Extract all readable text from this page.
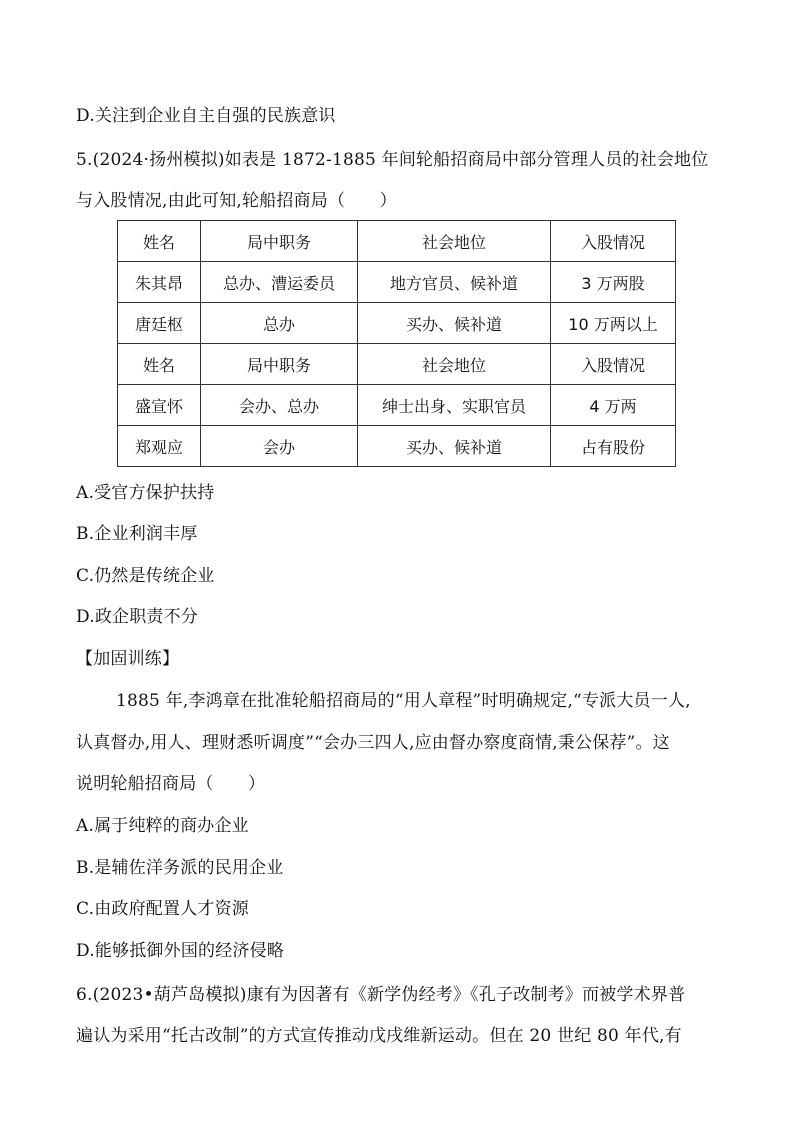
D.关注到企业自主自强的民族意识
5.(2024·扬州模拟)如表是 1872-1885 年间轮船招商局中部分管理人员的社会地位
与入股情况,由此可知,轮船招商局（　　）
姓名	局中职务	社会地位	入股情况
朱其昂	总办、漕运委员	地方官员、候补道	3 万两股
唐廷枢	总办	买办、候补道	10 万两以上
姓名	局中职务	社会地位	入股情况
盛宣怀	会办、总办	绅士出身、实职官员	4 万两
郑观应	会办	买办、候补道	占有股份
A.受官方保护扶持
B.企业利润丰厚
C.仍然是传统企业
D.政企职责不分
【加固训练】
1885 年,李鸿章在批准轮船招商局的“用人章程”时明确规定,“专派大员一人,
认真督办,用人、理财悉听调度”“会办三四人,应由督办察度商情,秉公保荐”。这
说明轮船招商局（　　）
A.属于纯粹的商办企业
B.是辅佐洋务派的民用企业
C.由政府配置人才资源
D.能够抵御外国的经济侵略
6.(2023•葫芦岛模拟)康有为因著有《新学伪经考》《孔子改制考》而被学术界普
遍认为采用“托古改制”的方式宣传推动戊戌维新运动。但在 20 世纪 80 年代,有
